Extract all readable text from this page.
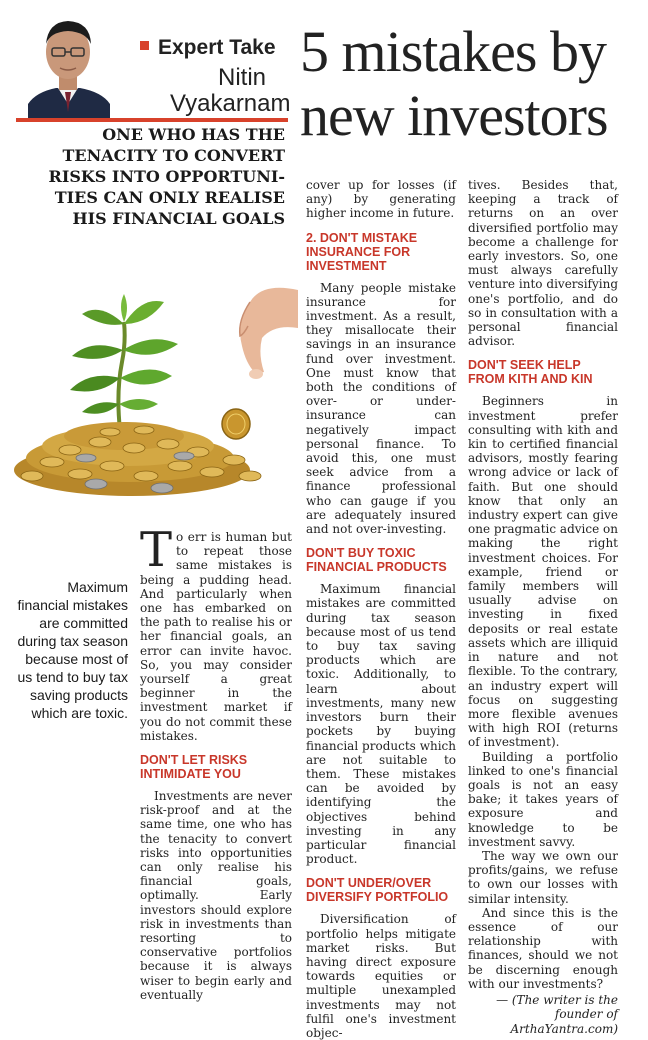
Expert Take
Nitin
Vyakarnam
5 mistakes by
new investors
ONE WHO HAS THE TENACITY TO CONVERT RISKS INTO OPPORTUNI-TIES CAN ONLY REALISE HIS FINANCIAL GOALS
Maximum financial mistakes are committed during tax season because most of us tend to buy tax saving products which are toxic.

To err is human but to repeat those same mistakes is being a pudding head. And particularly when one has embarked on the path to realise his or her financial goals, an error can invite havoc. So, you may consider yourself a great beginner in the investment market if you do not commit these mistakes.

DON'T LET RISKS INTIMIDATE YOU

Investments are never risk-proof and at the same time, one who has the tenacity to convert risks into opportunities can only realise his financial goals, optimally. Early investors should explore risk in investments than resorting to conservative portfolios because it is always wiser to begin early and eventually

cover up for losses (if any) by generating higher income in future.

2. DON'T MISTAKE INSURANCE FOR INVESTMENT

Many people mistake insurance for investment. As a result, they misallocate their savings in an insurance fund over investment. One must know that both the conditions of over- or under-insurance can negatively impact personal finance. To avoid this, one must seek advice from a finance professional who can gauge if you are adequately insured and not over-investing.

DON'T BUY TOXIC FINANCIAL PRODUCTS

Maximum financial mistakes are committed during tax season because most of us tend to buy tax saving products which are toxic. Additionally, to learn about investments, many new investors burn their pockets by buying financial products which are not suitable to them. These mistakes can be avoided by identifying the objectives behind investing in any particular financial product.

DON'T UNDER/OVER DIVERSIFY PORTFOLIO

Diversification of portfolio helps mitigate market risks. But having direct exposure towards equities or multiple unexampled investments may not fulfil one's investment objec-

tives. Besides that, keeping a track of returns on an over diversified portfolio may become a challenge for early investors. So, one must always carefully venture into diversifying one's portfolio, and do so in consultation with a personal financial advisor.

DON'T SEEK HELP FROM KITH AND KIN

Beginners in investment prefer consulting with kith and kin to certified financial advisors, mostly fearing wrong advice or lack of faith. But one should know that only an industry expert can give one pragmatic advice on making the right investment choices. For example, friend or family members will usually advise on investing in fixed deposits or real estate assets which are illiquid in nature and not flexible. To the contrary, an industry expert will focus on suggesting more flexible avenues with high ROI (returns of investment).

Building a portfolio linked to one's financial goals is not an easy bake; it takes years of exposure and knowledge to be investment savvy.

The way we own our profits/gains, we refuse to own our losses with similar intensity.

And since this is the essence of our relationship with finances, should we not be discerning enough with our investments?

— (The writer is the
founder of
ArthaYantra.com)
